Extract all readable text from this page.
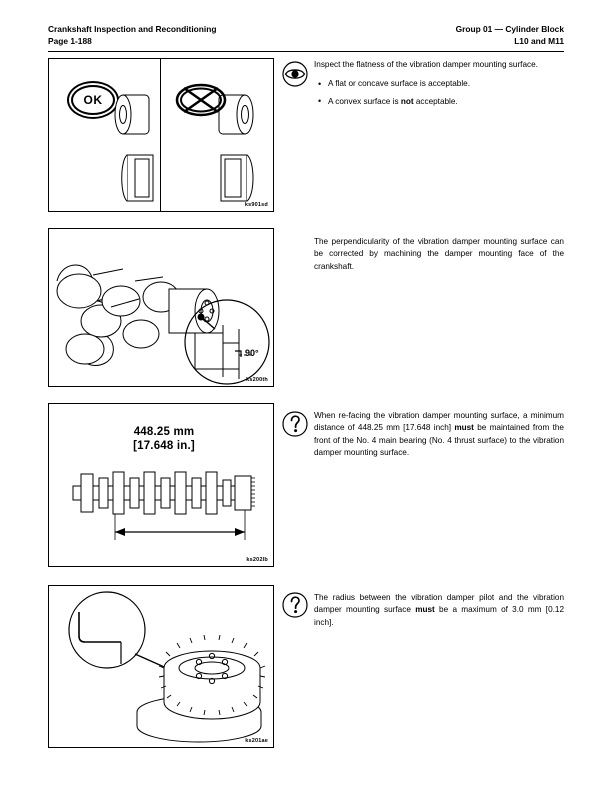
Crankshaft Inspection and Reconditioning
Page 1-188
Group 01 — Cylinder Block
L10 and M11
OK
ks901sd

Inspect the flatness of the vibration damper mounting surface.

• A flat or concave surface is acceptable.
• A convex surface is not acceptable.
90°
ks200th

The perpendicularity of the vibration damper mounting surface can be corrected by machining the damper mounting face of the crankshaft.

448.25 mm
[17.648 in.]
ks202lb

When re-facing the vibration damper mounting surface, a minimum distance of 448.25 mm [17.648 inch] must be maintained from the front of the No. 4 main bearing (No. 4 thrust surface) to the vibration damper mounting surface.

ks201ae

The radius between the vibration damper pilot and the vibration damper mounting surface must be a maximum of 3.0 mm [0.12 inch].
